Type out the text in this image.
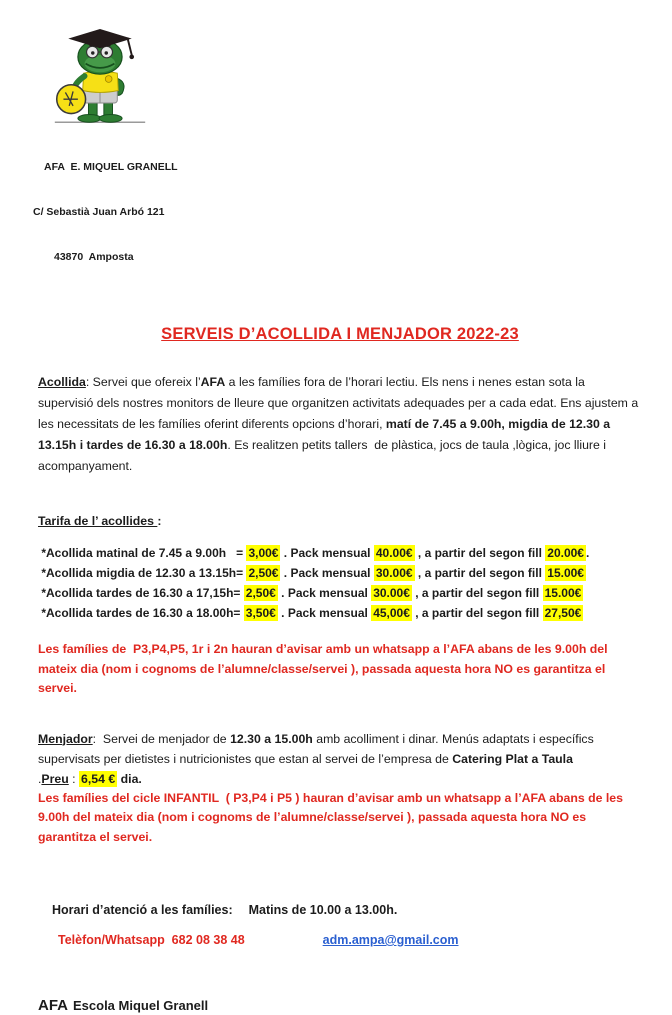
AFA  E. MIQUEL GRANELL

C/ Sebastià Juan Arbó 121

43870  Amposta

SERVEIS D’ACOLLIDA I MENJADOR 2022-23

Acollida: Servei que ofereix l’AFA a les famílies fora de l’horari lectiu. Els nens i nenes estan sota la supervisió dels nostres monitors de lleure que organitzen activitats adequades per a cada edat. Ens ajustem a les necessitats de les famílies oferint diferents opcions d’horari, matí de 7.45 a 9.00h, migdia de 12.30 a 13.15h i tardes de 16.30 a 18.00h. Es realitzen petits tallers  de plàstica, jocs de taula ,lògica, joc lliure i acompanyament.

Tarifa de l’ acollides :
*Acollida matinal de 7.45 a 9.00h   = 3,00€ . Pack mensual 40.00€ , a partir del segon fill 20.00€ .
*Acollida migdia de 12.30 a 13.15h= 2,50€ . Pack mensual 30.00€ , a partir del segon fill 15.00€
*Acollida tardes de 16.30 a 17,15h= 2,50€ . Pack mensual 30.00€ , a partir del segon fill 15.00€
*Acollida tardes de 16.30 a 18.00h= 3,50€ . Pack mensual 45,00€ , a partir del segon fill 27,50€

Les famílies de  P3,P4,P5, 1r i 2n hauran d’avisar amb un whatsapp a l’AFA abans de les 9.00h del mateix dia (nom i cognoms de l’alumne/classe/servei ), passada aquesta hora NO es garantitza el servei.

Menjador:  Servei de menjador de 12.30 a 15.00h amb acolliment i dinar. Menús adaptats i específics supervisats per dietistes i nutricionistes que estan al servei de l’empresa de Catering Plat a Taula
.Preu : 6,54 € dia.

Les famílies del cicle INFANTIL  ( P3,P4 i P5 ) hauran d’avisar amb un whatsapp a l’AFA abans de les 9.00h del mateix dia (nom i cognoms de l’alumne/classe/servei ), passada aquesta hora NO es garantitza el servei.

Horari d’atenció a les famílies: Matins de 10.00 a 13.00h.
Telèfon/Whatsapp  682 08 38 48	adm.ampa@gmail.com
AFA Escola Miquel Granell
